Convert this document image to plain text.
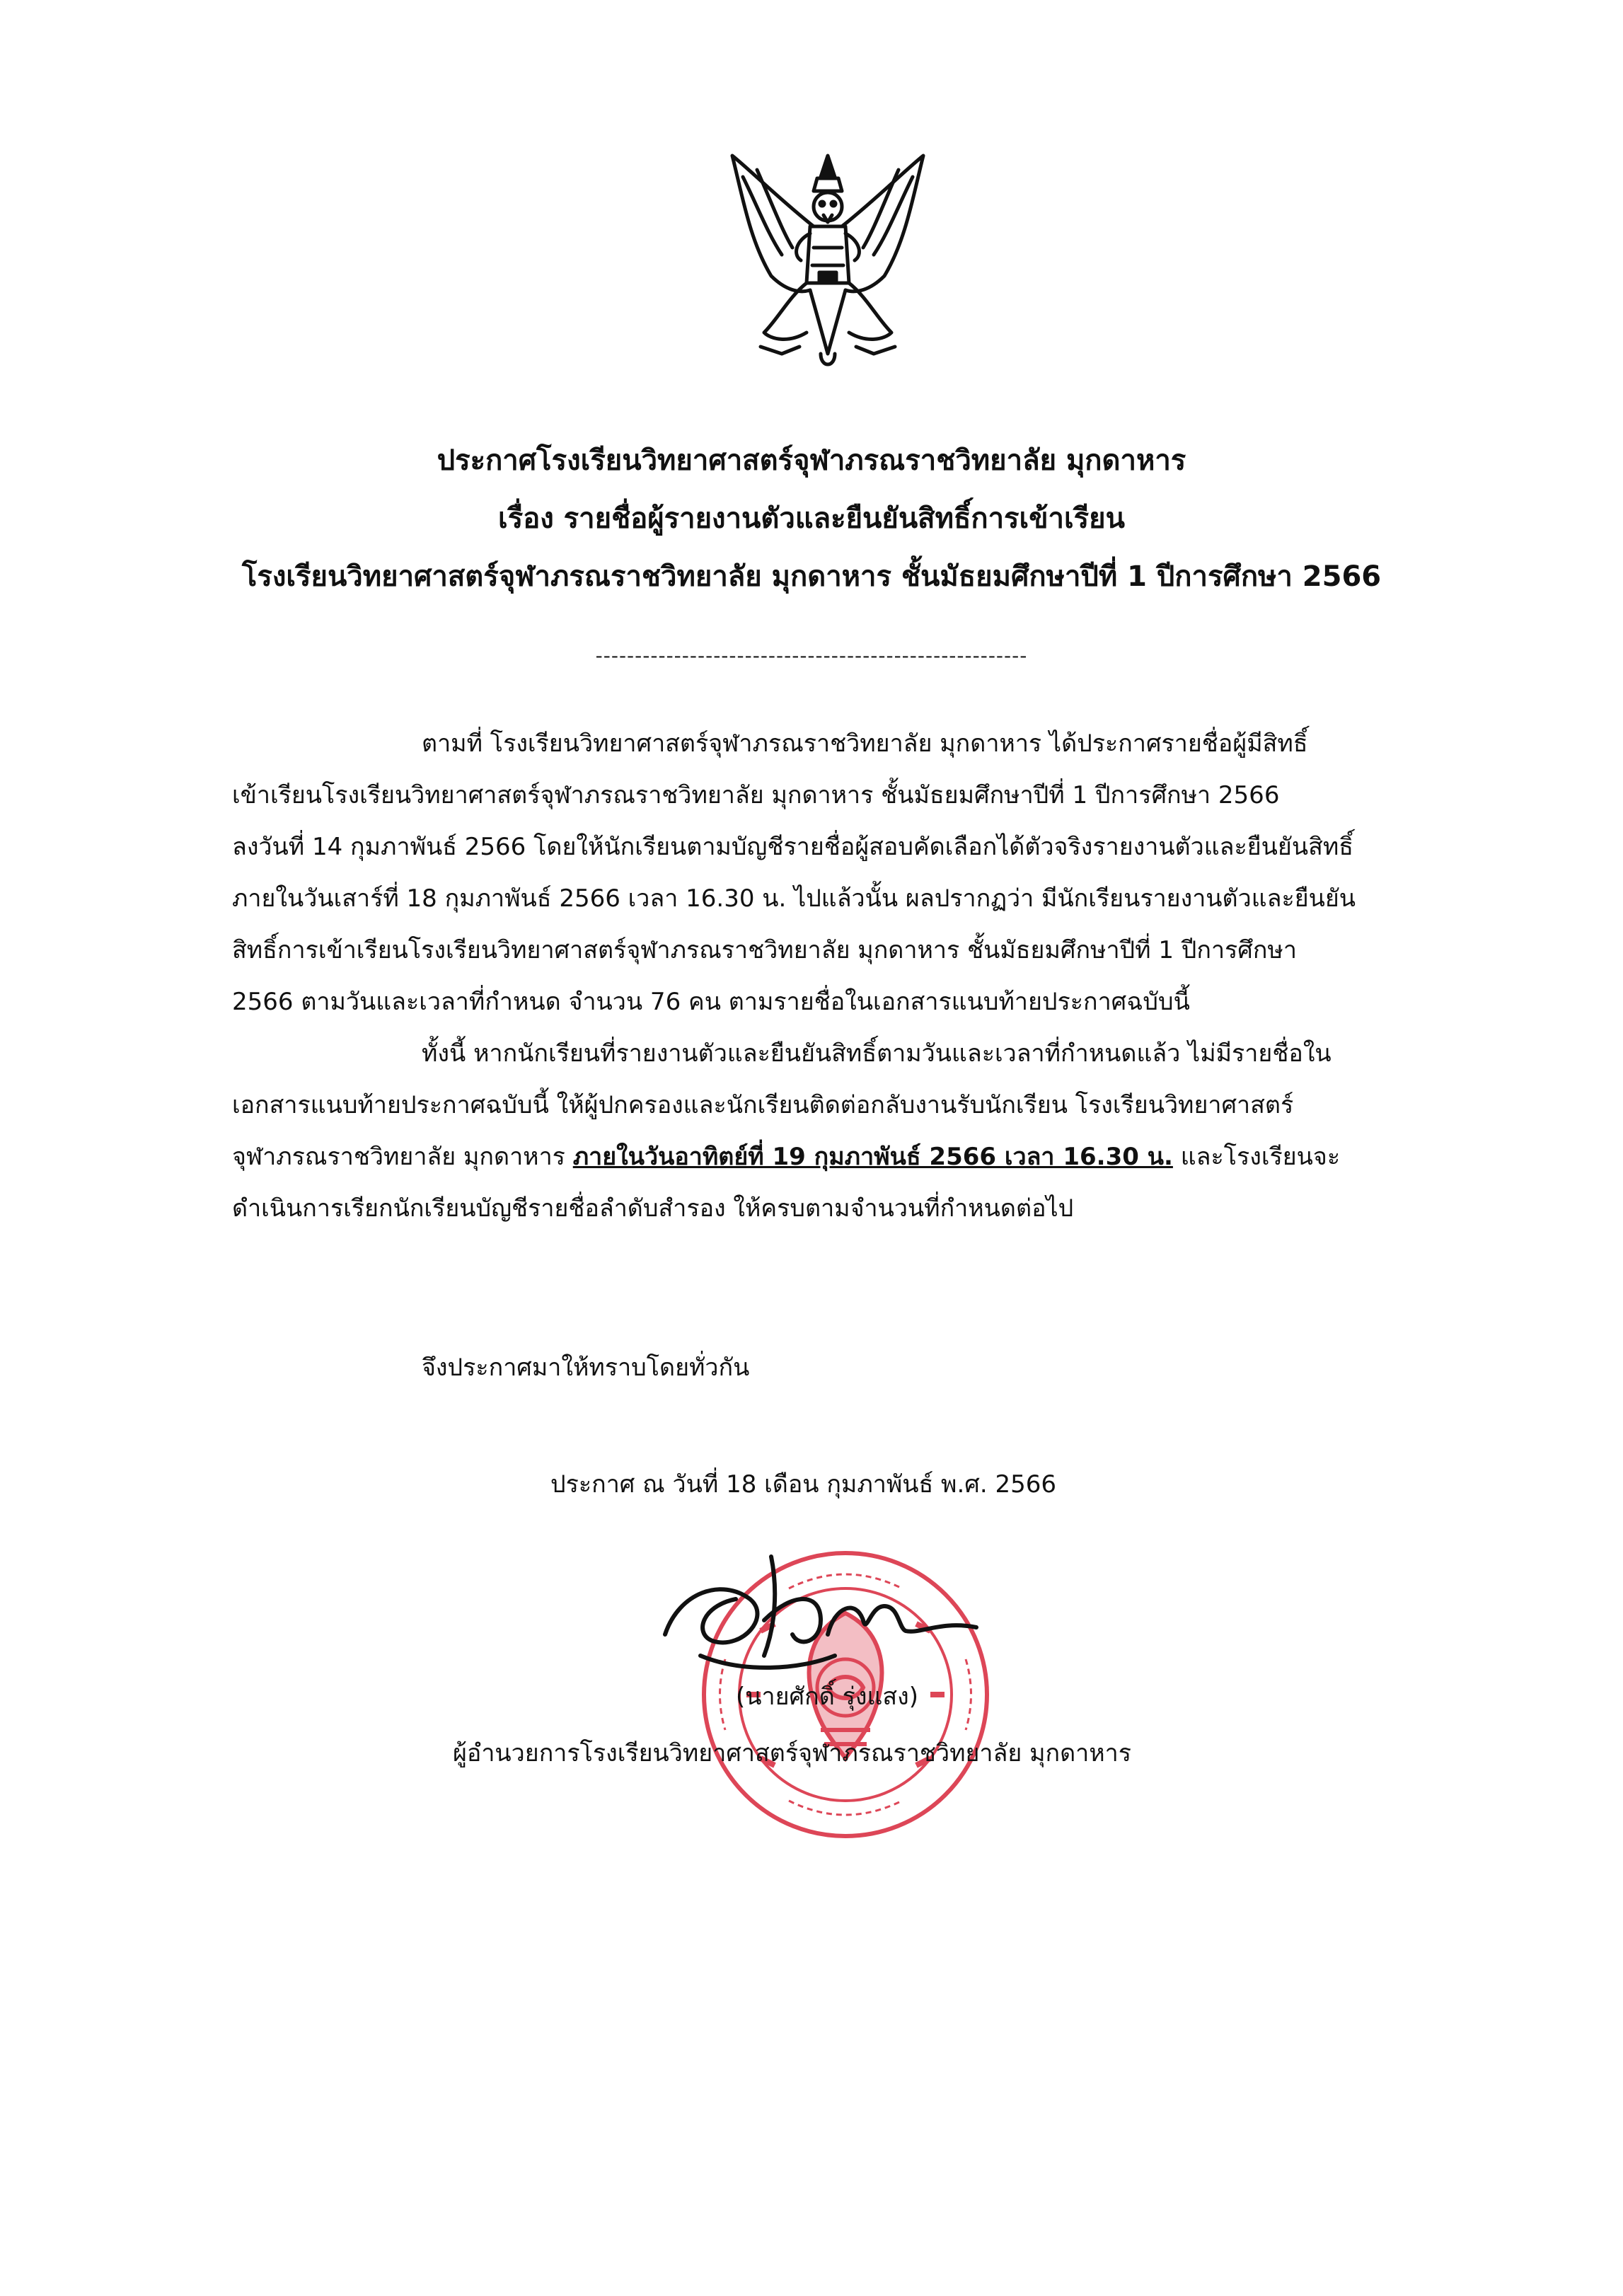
ประกาศโรงเรียนวิทยาศาสตร์จุฬาภรณราชวิทยาลัย มุกดาหาร
เรื่อง รายชื่อผู้รายงานตัวและยืนยันสิทธิ์การเข้าเรียน
โรงเรียนวิทยาศาสตร์จุฬาภรณราชวิทยาลัย มุกดาหาร ชั้นมัธยมศึกษาปีที่ 1 ปีการศึกษา 2566
-------------------------------------------------------
ตามที่ โรงเรียนวิทยาศาสตร์จุฬาภรณราชวิทยาลัย มุกดาหาร ได้ประกาศรายชื่อผู้มีสิทธิ์
เข้าเรียนโรงเรียนวิทยาศาสตร์จุฬาภรณราชวิทยาลัย มุกดาหาร ชั้นมัธยมศึกษาปีที่ 1 ปีการศึกษา 2566
ลงวันที่ 14 กุมภาพันธ์ 2566 โดยให้นักเรียนตามบัญชีรายชื่อผู้สอบคัดเลือกได้ตัวจริงรายงานตัวและยืนยันสิทธิ์
ภายในวันเสาร์ที่ 18 กุมภาพันธ์ 2566 เวลา 16.30 น. ไปแล้วนั้น ผลปรากฏว่า มีนักเรียนรายงานตัวและยืนยัน
สิทธิ์การเข้าเรียนโรงเรียนวิทยาศาสตร์จุฬาภรณราชวิทยาลัย มุกดาหาร ชั้นมัธยมศึกษาปีที่ 1 ปีการศึกษา
2566 ตามวันและเวลาที่กำหนด จำนวน 76 คน ตามรายชื่อในเอกสารแนบท้ายประกาศฉบับนี้
ทั้งนี้ หากนักเรียนที่รายงานตัวและยืนยันสิทธิ์ตามวันและเวลาที่กำหนดแล้ว ไม่มีรายชื่อใน
เอกสารแนบท้ายประกาศฉบับนี้ ให้ผู้ปกครองและนักเรียนติดต่อกลับงานรับนักเรียน โรงเรียนวิทยาศาสตร์
จุฬาภรณราชวิทยาลัย มุกดาหาร ภายในวันอาทิตย์ที่ 19 กุมภาพันธ์ 2566 เวลา 16.30 น. และโรงเรียนจะ
ดำเนินการเรียกนักเรียนบัญชีรายชื่อลำดับสำรอง ให้ครบตามจำนวนที่กำหนดต่อไป
จึงประกาศมาให้ทราบโดยทั่วกัน
ประกาศ ณ วันที่ 18 เดือน กุมภาพันธ์ พ.ศ. 2566
(นายศักดิ์ รุ่งแสง)
ผู้อำนวยการโรงเรียนวิทยาศาสตร์จุฬาภรณราชวิทยาลัย มุกดาหาร
